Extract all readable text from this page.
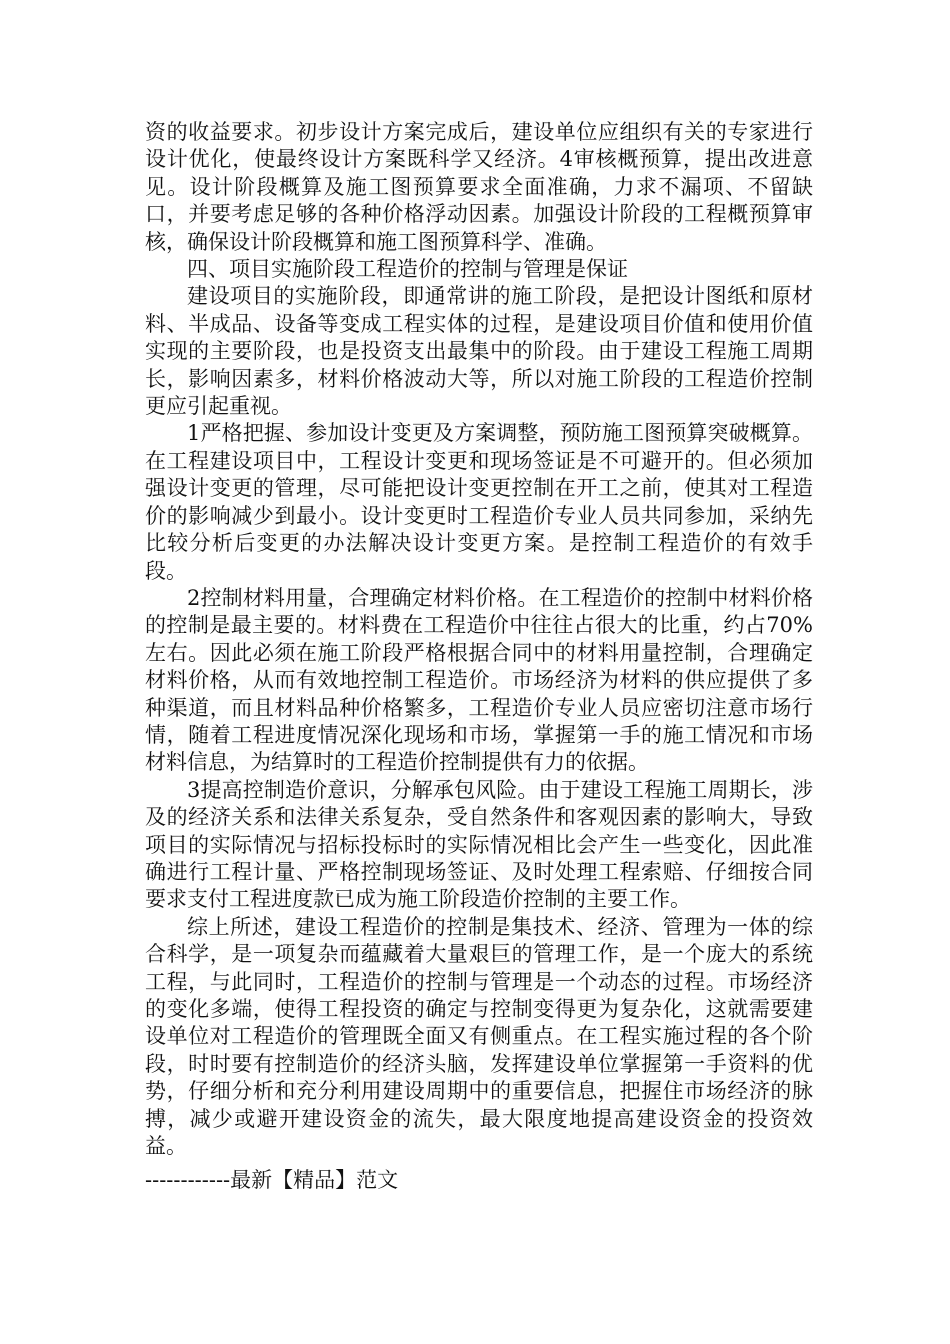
资的收益要求。初步设计方案完成后，建设单位应组织有关的专家进行设计优化，使最终设计方案既科学又经济。4审核概预算，提出改进意见。设计阶段概算及施工图预算要求全面准确，力求不漏项、不留缺口，并要考虑足够的各种价格浮动因素。加强设计阶段的工程概预算审核，确保设计阶段概算和施工图预算科学、准确。

四、项目实施阶段工程造价的控制与管理是保证

建设项目的实施阶段，即通常讲的施工阶段，是把设计图纸和原材料、半成品、设备等变成工程实体的过程，是建设项目价值和使用价值实现的主要阶段，也是投资支出最集中的阶段。由于建设工程施工周期长，影响因素多，材料价格波动大等，所以对施工阶段的工程造价控制更应引起重视。

1严格把握、参加设计变更及方案调整，预防施工图预算突破概算。在工程建设项目中，工程设计变更和现场签证是不可避开的。但必须加强设计变更的管理，尽可能把设计变更控制在开工之前，使其对工程造价的影响减少到最小。设计变更时工程造价专业人员共同参加，采纳先比较分析后变更的办法解决设计变更方案。是控制工程造价的有效手段。

2控制材料用量，合理确定材料价格。在工程造价的控制中材料价格的控制是最主要的。材料费在工程造价中往往占很大的比重，约占70%左右。因此必须在施工阶段严格根据合同中的材料用量控制，合理确定材料价格，从而有效地控制工程造价。市场经济为材料的供应提供了多种渠道，而且材料品种价格繁多，工程造价专业人员应密切注意市场行情，随着工程进度情况深化现场和市场，掌握第一手的施工情况和市场材料信息，为结算时的工程造价控制提供有力的依据。

3提高控制造价意识，分解承包风险。由于建设工程施工周期长，涉及的经济关系和法律关系复杂，受自然条件和客观因素的影响大，导致项目的实际情况与招标投标时的实际情况相比会产生一些变化，因此准确进行工程计量、严格控制现场签证、及时处理工程索赔、仔细按合同要求支付工程进度款已成为施工阶段造价控制的主要工作。

综上所述，建设工程造价的控制是集技术、经济、管理为一体的综合科学，是一项复杂而蕴藏着大量艰巨的管理工作，是一个庞大的系统工程，与此同时，工程造价的控制与管理是一个动态的过程。市场经济的变化多端，使得工程投资的确定与控制变得更为复杂化，这就需要建设单位对工程造价的管理既全面又有侧重点。在工程实施过程的各个阶段，时时要有控制造价的经济头脑，发挥建设单位掌握第一手资料的优势，仔细分析和充分利用建设周期中的重要信息，把握住市场经济的脉搏，减少或避开建设资金的流失，最大限度地提高建设资金的投资效益。

------------最新【精品】范文
